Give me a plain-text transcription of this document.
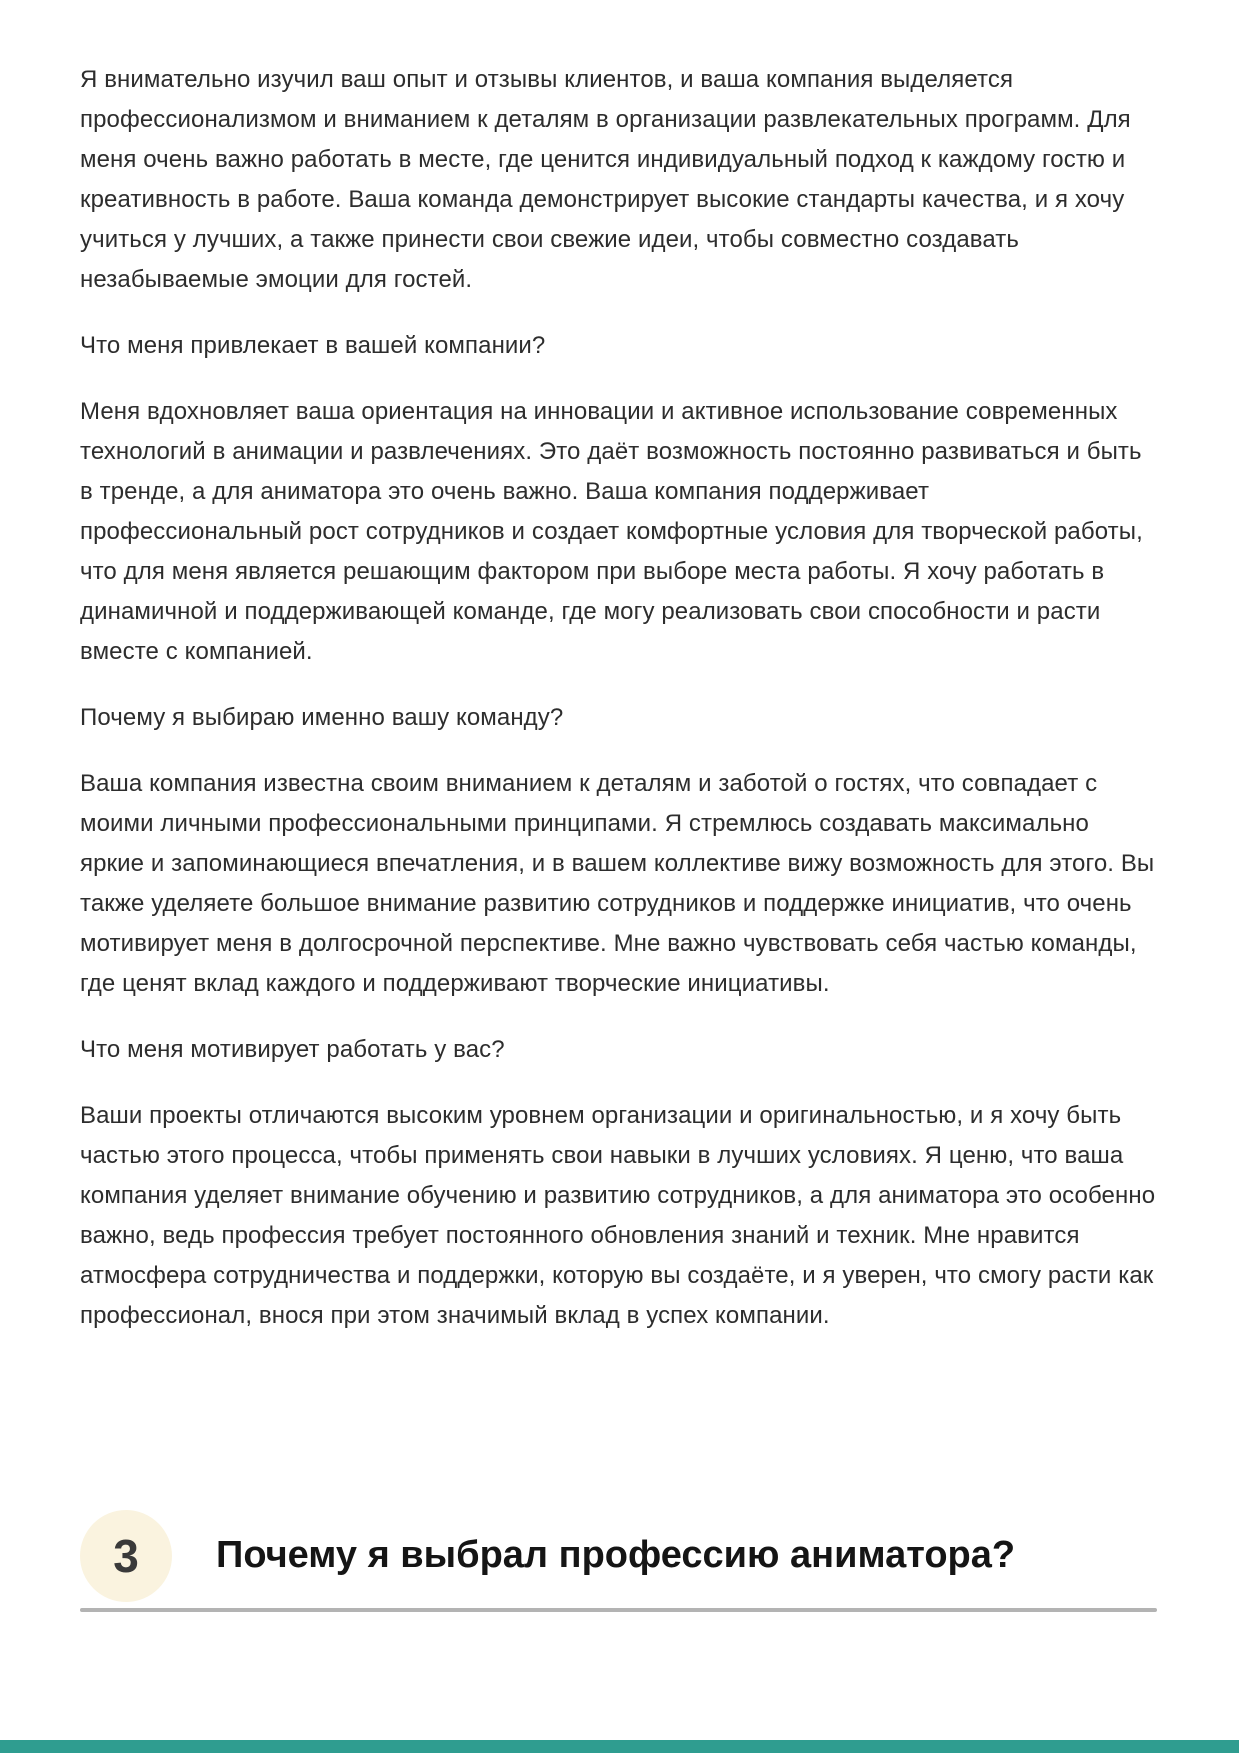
Я внимательно изучил ваш опыт и отзывы клиентов, и ваша компания выделяется профессионализмом и вниманием к деталям в организации развлекательных программ. Для меня очень важно работать в месте, где ценится индивидуальный подход к каждому гостю и креативность в работе. Ваша команда демонстрирует высокие стандарты качества, и я хочу учиться у лучших, а также принести свои свежие идеи, чтобы совместно создавать незабываемые эмоции для гостей.

Что меня привлекает в вашей компании?

Меня вдохновляет ваша ориентация на инновации и активное использование современных технологий в анимации и развлечениях. Это даёт возможность постоянно развиваться и быть в тренде, а для аниматора это очень важно. Ваша компания поддерживает профессиональный рост сотрудников и создает комфортные условия для творческой работы, что для меня является решающим фактором при выборе места работы. Я хочу работать в динамичной и поддерживающей команде, где могу реализовать свои способности и расти вместе с компанией.

Почему я выбираю именно вашу команду?

Ваша компания известна своим вниманием к деталям и заботой о гостях, что совпадает с моими личными профессиональными принципами. Я стремлюсь создавать максимально яркие и запоминающиеся впечатления, и в вашем коллективе вижу возможность для этого. Вы также уделяете большое внимание развитию сотрудников и поддержке инициатив, что очень мотивирует меня в долгосрочной перспективе. Мне важно чувствовать себя частью команды, где ценят вклад каждого и поддерживают творческие инициативы.

Что меня мотивирует работать у вас?

Ваши проекты отличаются высоким уровнем организации и оригинальностью, и я хочу быть частью этого процесса, чтобы применять свои навыки в лучших условиях. Я ценю, что ваша компания уделяет внимание обучению и развитию сотрудников, а для аниматора это особенно важно, ведь профессия требует постоянного обновления знаний и техник. Мне нравится атмосфера сотрудничества и поддержки, которую вы создаёте, и я уверен, что смогу расти как профессионал, внося при этом значимый вклад в успех компании.

3	Почему я выбрал профессию аниматора?
